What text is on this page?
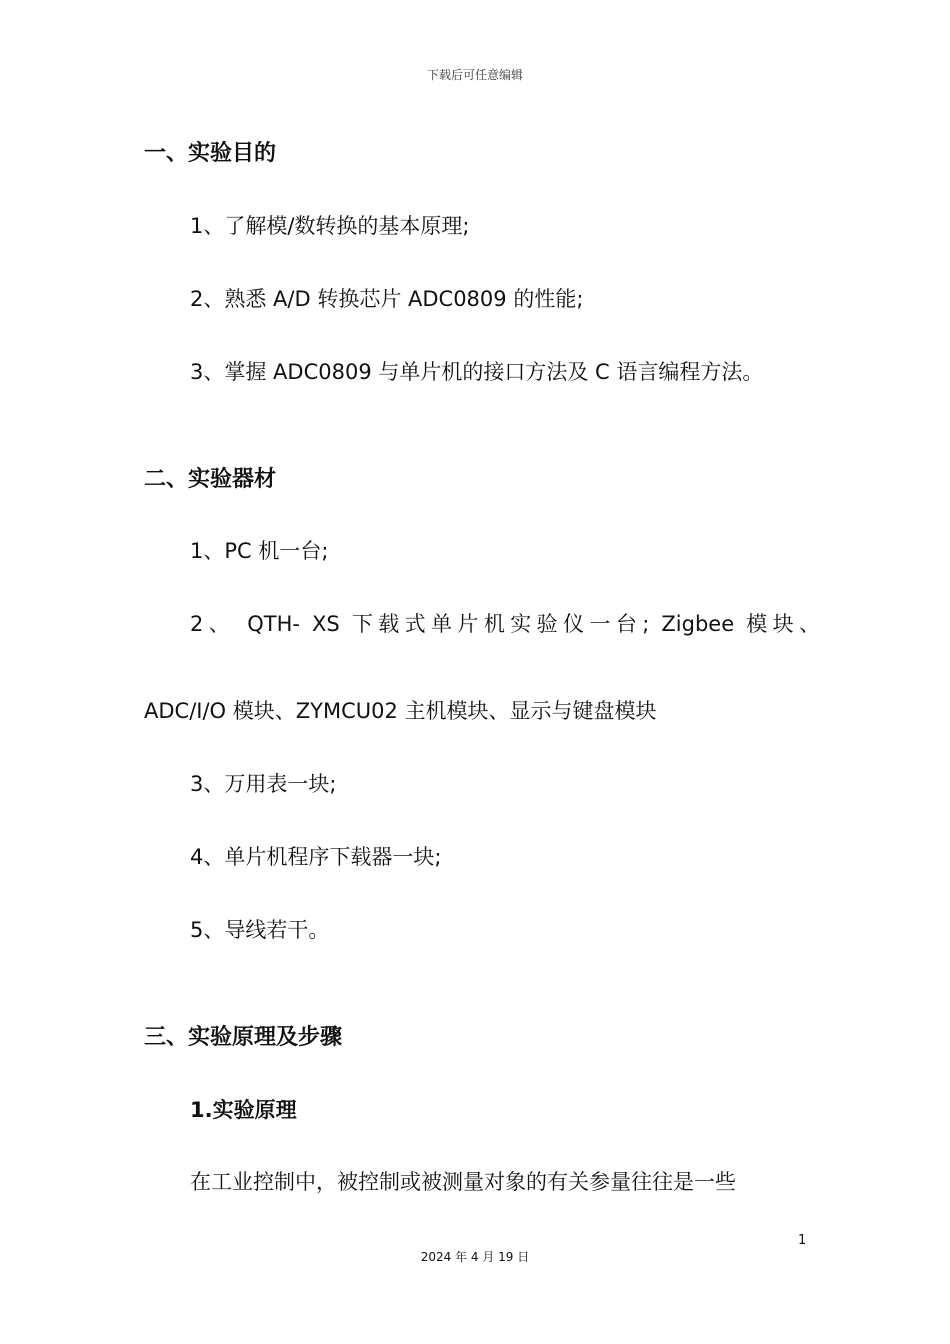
下载后可任意编辑
一、实验目的
1、了解模/数转换的基本原理;
2、熟悉 A/D 转换芯片 ADC0809 的性能;
3、掌握 ADC0809 与单片机的接口方法及 C 语言编程方法。
二、实验器材
1、PC 机一台;
2、 QTH- XS 下载式单片机实验仪一台; Zigbee 模块、
ADC/I/O 模块、ZYMCU02 主机模块、显示与键盘模块
3、万用表一块;
4、单片机程序下载器一块;
5、导线若干。
三、实验原理及步骤
1.实验原理
在工业控制中，被控制或被测量对象的有关参量往往是一些
1
2024 年 4 月 19 日
